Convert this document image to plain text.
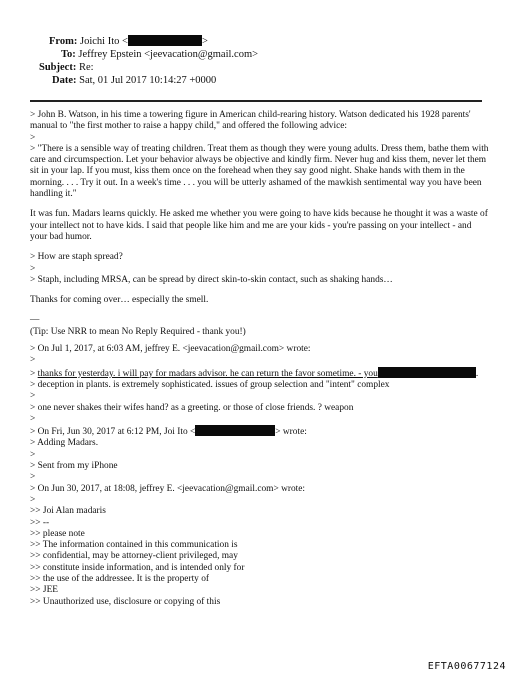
From: Joichi Ito <	>
To: Jeffrey Epstein <jeevacation@gmail.com>
Subject: Re:
Date: Sat, 01 Jul 2017 10:14:27 +0000

> John B. Watson, in his time a towering figure in American child-rearing history. Watson dedicated his 1928 parents' manual to "the first mother to raise a happy child," and offered the following advice:

>

> "There is a sensible way of treating children. Treat them as though they were young adults. Dress them, bathe them with care and circumspection. Let your behavior always be objective and kindly firm. Never hug and kiss them, never let them sit in your lap. If you must, kiss them once on the forehead when they say good night. Shake hands with them in the morning. . . . Try it out. In a week's time . . . you will be utterly ashamed of the mawkish sentimental way you have been handling it."

It was fun. Madars learns quickly. He asked me whether you were going to have kids because he thought it was a waste of your intellect not to have kids. I said that people like him and me are your kids - you're passing on your intellect - and your bad humor.

> How are staph spread?

>

> Staph, including MRSA, can be spread by direct skin-to-skin contact, such as shaking hands…

Thanks for coming over… especially the smell.

—

(Tip: Use NRR to mean No Reply Required - thank you!)

> On Jul 1, 2017, at 6:03 AM, jeffrey E. <jeevacation@gmail.com> wrote:

>

> thanks for yesterday. i will pay for madars advisor. he can return the favor sometime. - you	.

> deception in plants. is extremely sophisticated. issues of group selection and "intent" complex

>

> one never shakes their wifes hand? as a greeting. or those of close friends. ? weapon

>

> On Fri, Jun 30, 2017 at 6:12 PM, Joi Ito <	> wrote:

> Adding Madars.

>

> Sent from my iPhone

>

> On Jun 30, 2017, at 18:08, jeffrey E. <jeevacation@gmail.com> wrote:

>

>> Joi Alan madaris

>> --

>> please note

>> The information contained in this communication is

>> confidential, may be attorney-client privileged, may

>> constitute inside information, and is intended only for

>> the use of the addressee. It is the property of

>> JEE

>> Unauthorized use, disclosure or copying of this

EFTA00677124
